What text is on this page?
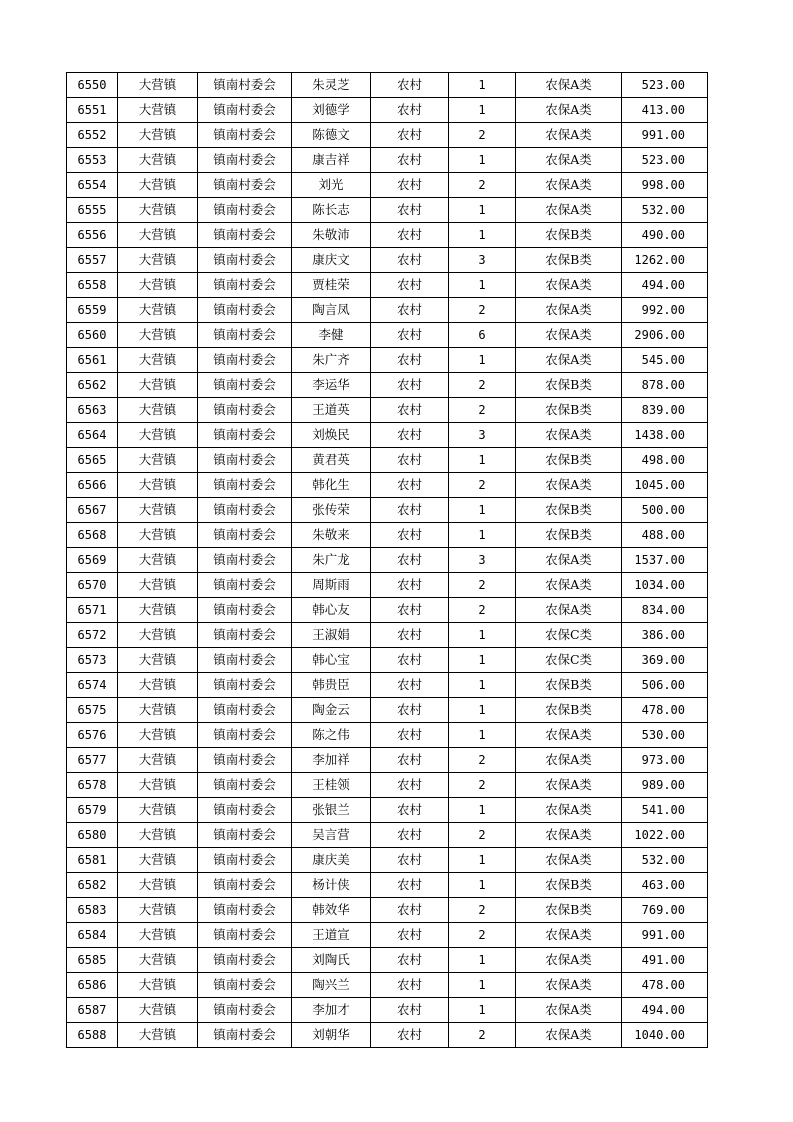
6550	大营镇	镇南村委会	朱灵芝	农村	1	农保A类	523.00
6551	大营镇	镇南村委会	刘德学	农村	1	农保A类	413.00
6552	大营镇	镇南村委会	陈德文	农村	2	农保A类	991.00
6553	大营镇	镇南村委会	康吉祥	农村	1	农保A类	523.00
6554	大营镇	镇南村委会	刘光	农村	2	农保A类	998.00
6555	大营镇	镇南村委会	陈长志	农村	1	农保A类	532.00
6556	大营镇	镇南村委会	朱敬沛	农村	1	农保B类	490.00
6557	大营镇	镇南村委会	康庆文	农村	3	农保B类	1262.00
6558	大营镇	镇南村委会	贾桂荣	农村	1	农保A类	494.00
6559	大营镇	镇南村委会	陶言凤	农村	2	农保A类	992.00
6560	大营镇	镇南村委会	李健	农村	6	农保A类	2906.00
6561	大营镇	镇南村委会	朱广齐	农村	1	农保A类	545.00
6562	大营镇	镇南村委会	李运华	农村	2	农保B类	878.00
6563	大营镇	镇南村委会	王道英	农村	2	农保B类	839.00
6564	大营镇	镇南村委会	刘焕民	农村	3	农保A类	1438.00
6565	大营镇	镇南村委会	黄君英	农村	1	农保B类	498.00
6566	大营镇	镇南村委会	韩化生	农村	2	农保A类	1045.00
6567	大营镇	镇南村委会	张传荣	农村	1	农保B类	500.00
6568	大营镇	镇南村委会	朱敬来	农村	1	农保B类	488.00
6569	大营镇	镇南村委会	朱广龙	农村	3	农保A类	1537.00
6570	大营镇	镇南村委会	周斯雨	农村	2	农保A类	1034.00
6571	大营镇	镇南村委会	韩心友	农村	2	农保A类	834.00
6572	大营镇	镇南村委会	王淑娟	农村	1	农保C类	386.00
6573	大营镇	镇南村委会	韩心宝	农村	1	农保C类	369.00
6574	大营镇	镇南村委会	韩贵臣	农村	1	农保B类	506.00
6575	大营镇	镇南村委会	陶金云	农村	1	农保B类	478.00
6576	大营镇	镇南村委会	陈之伟	农村	1	农保A类	530.00
6577	大营镇	镇南村委会	李加祥	农村	2	农保A类	973.00
6578	大营镇	镇南村委会	王桂领	农村	2	农保A类	989.00
6579	大营镇	镇南村委会	张银兰	农村	1	农保A类	541.00
6580	大营镇	镇南村委会	吴言营	农村	2	农保A类	1022.00
6581	大营镇	镇南村委会	康庆美	农村	1	农保A类	532.00
6582	大营镇	镇南村委会	杨计侠	农村	1	农保B类	463.00
6583	大营镇	镇南村委会	韩效华	农村	2	农保B类	769.00
6584	大营镇	镇南村委会	王道宣	农村	2	农保A类	991.00
6585	大营镇	镇南村委会	刘陶氏	农村	1	农保A类	491.00
6586	大营镇	镇南村委会	陶兴兰	农村	1	农保A类	478.00
6587	大营镇	镇南村委会	李加才	农村	1	农保A类	494.00
6588	大营镇	镇南村委会	刘朝华	农村	2	农保A类	1040.00
